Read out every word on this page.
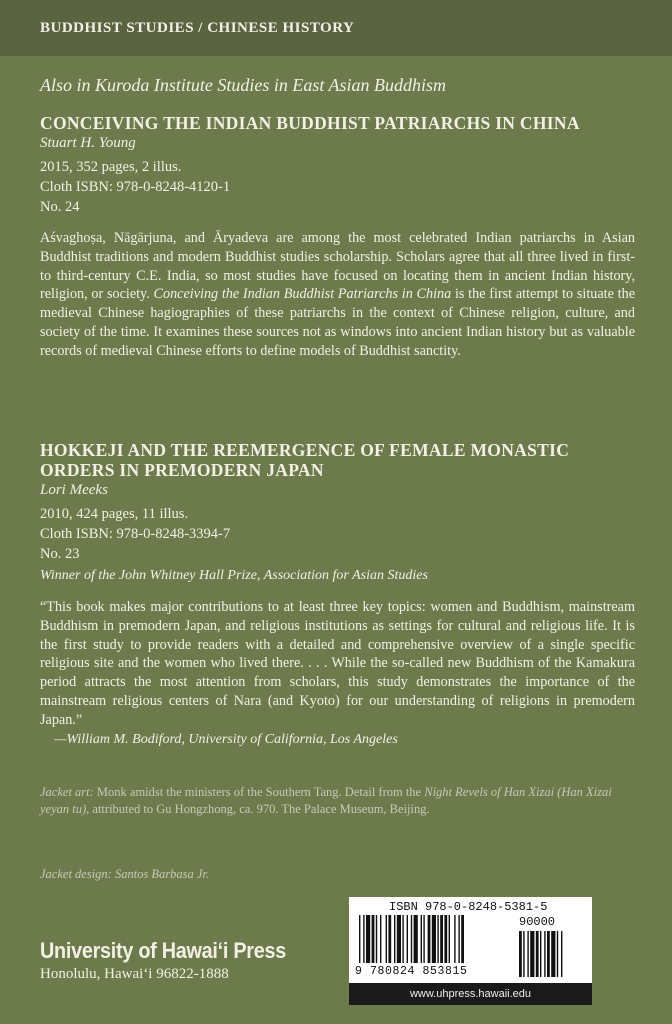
BUDDHIST STUDIES / CHINESE HISTORY
Also in Kuroda Institute Studies in East Asian Buddhism
CONCEIVING THE INDIAN BUDDHIST PATRIARCHS IN CHINA
Stuart H. Young
2015, 352 pages, 2 illus.
Cloth ISBN: 978-0-8248-4120-1
No. 24
Aśvaghoṣa, Nāgārjuna, and Āryadeva are among the most celebrated Indian patriarchs in Asian Buddhist traditions and modern Buddhist studies scholarship. Scholars agree that all three lived in first- to third-century C.E. India, so most studies have focused on locating them in ancient Indian history, religion, or society. Conceiving the Indian Buddhist Patriarchs in China is the first attempt to situate the medieval Chinese hagiographies of these patriarchs in the context of Chinese religion, culture, and society of the time. It examines these sources not as windows into ancient Indian history but as valuable records of medieval Chinese efforts to define models of Buddhist sanctity.
HOKKEJI AND THE REEMERGENCE OF FEMALE MONASTIC ORDERS IN PREMODERN JAPAN
Lori Meeks
2010, 424 pages, 11 illus.
Cloth ISBN: 978-0-8248-3394-7
No. 23
Winner of the John Whitney Hall Prize, Association for Asian Studies
“This book makes major contributions to at least three key topics: women and Buddhism, mainstream Buddhism in premodern Japan, and religious institutions as settings for cultural and religious life. It is the first study to provide readers with a detailed and comprehensive overview of a single specific religious site and the women who lived there. . . . While the so-called new Buddhism of the Kamakura period attracts the most attention from scholars, this study demonstrates the importance of the mainstream religious centers of Nara (and Kyoto) for our understanding of religions in premodern Japan.”
—William M. Bodiford, University of California, Los Angeles
Jacket art: Monk amidst the ministers of the Southern Tang. Detail from the Night Revels of Han Xizai (Han Xizai yeyan tu), attributed to Gu Hongzhong, ca. 970. The Palace Museum, Beijing.
Jacket design: Santos Barbasa Jr.
University of Hawai‘i Press
Honolulu, Hawai‘i 96822-1888
ISBN 978-0-8248-5381-5
90000
9 780824 853815
www.uhpress.hawaii.edu
